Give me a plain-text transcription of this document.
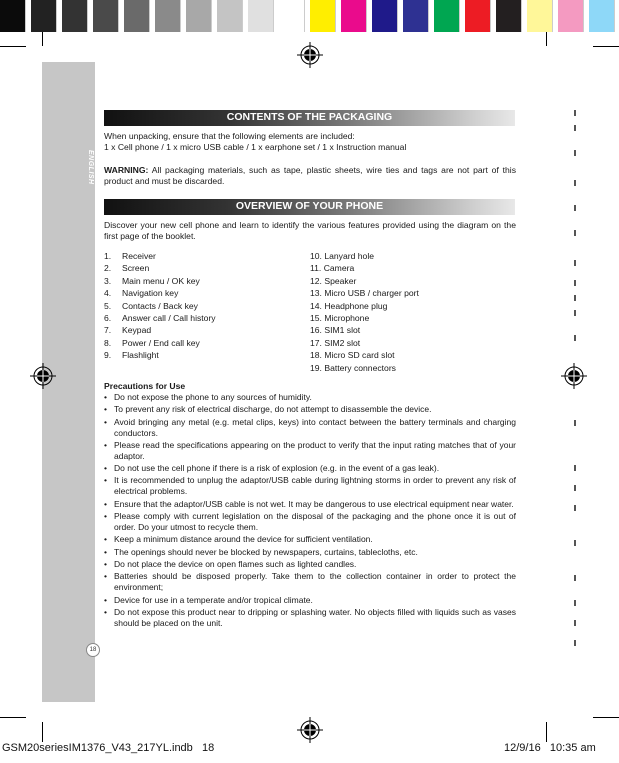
ENGLISH
18
CONTENTS OF THE PACKAGING
When unpacking, ensure that the following elements are included:
1 x Cell phone / 1 x micro USB cable / 1 x earphone set / 1 x Instruction manual
WARNING: All packaging materials, such as tape, plastic sheets, wire ties and tags are not part of this product and must be discarded.
OVERVIEW OF YOUR PHONE
Discover your new cell phone and learn to identify the various features provided using the diagram on the first page of the booklet.
1. Receiver
2. Screen
3. Main menu / OK key
4. Navigation key
5. Contacts / Back key
6. Answer call / Call history
7. Keypad
8. Power / End call key
9. Flashlight
10. Lanyard hole
11. Camera
12. Speaker
13. Micro USB / charger port
14. Headphone plug
15. Microphone
16. SIM1 slot
17. SIM2 slot
18. Micro SD card slot
19. Battery connectors
Precautions for Use
• Do not expose the phone to any sources of humidity.
• To prevent any risk of electrical discharge, do not attempt to disassemble the device.
• Avoid bringing any metal (e.g. metal clips, keys) into contact between the battery terminals and charging conductors.
• Please read the specifications appearing on the product to verify that the input rating matches that of your adaptor.
• Do not use the cell phone if there is a risk of explosion (e.g. in the event of a gas leak).
• It is recommended to unplug the adaptor/USB cable during lightning storms in order to prevent any risk of electrical problems.
• Ensure that the adaptor/USB cable is not wet. It may be dangerous to use electrical equipment near water.
• Please comply with current legislation on the disposal of the packaging and the phone once it is out of order. Do your utmost to recycle them.
• Keep a minimum distance around the device for sufficient ventilation.
• The openings should never be blocked by newspapers, curtains, tablecloths, etc.
• Do not place the device on open flames such as lighted candles.
• Batteries should be disposed properly. Take them to the collection container in order to protect the environment;
• Device for use in a temperate and/or tropical climate.
• Do not expose this product near to dripping or splashing water. No objects filled with liquids such as vases should be placed on the unit.
GSM20seriesIM1376_V43_217YL.indb   18	12/9/16   10:35 am
